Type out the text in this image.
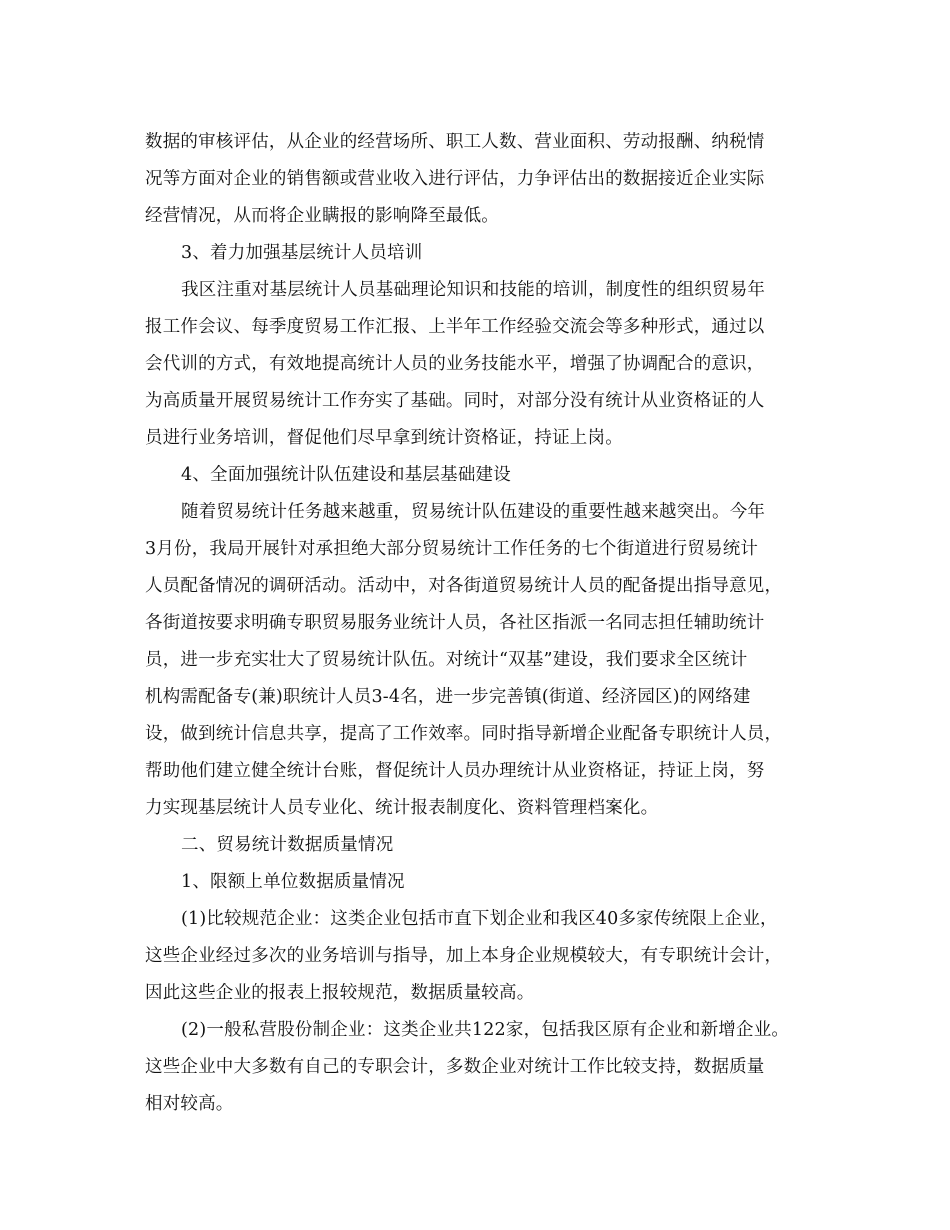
数据的审核评估，从企业的经营场所、职工人数、营业面积、劳动报酬、纳税情
况等方面对企业的销售额或营业收入进行评估，力争评估出的数据接近企业实际
经营情况，从而将企业瞒报的影响降至最低。
3、着力加强基层统计人员培训
我区注重对基层统计人员基础理论知识和技能的培训，制度性的组织贸易年
报工作会议、每季度贸易工作汇报、上半年工作经验交流会等多种形式，通过以
会代训的方式，有效地提高统计人员的业务技能水平，增强了协调配合的意识，
为高质量开展贸易统计工作夯实了基础。同时，对部分没有统计从业资格证的人
员进行业务培训，督促他们尽早拿到统计资格证，持证上岗。
4、全面加强统计队伍建设和基层基础建设
随着贸易统计任务越来越重，贸易统计队伍建设的重要性越来越突出。今年
3月份，我局开展针对承担绝大部分贸易统计工作任务的七个街道进行贸易统计
人员配备情况的调研活动。活动中，对各街道贸易统计人员的配备提出指导意见，
各街道按要求明确专职贸易服务业统计人员，各社区指派一名同志担任辅助统计
员，进一步充实壮大了贸易统计队伍。对统计“双基”建设，我们要求全区统计
机构需配备专(兼)职统计人员3-4名，进一步完善镇(街道、经济园区)的网络建
设，做到统计信息共享，提高了工作效率。同时指导新增企业配备专职统计人员，
帮助他们建立健全统计台账，督促统计人员办理统计从业资格证，持证上岗，努
力实现基层统计人员专业化、统计报表制度化、资料管理档案化。
二、贸易统计数据质量情况
1、限额上单位数据质量情况
(1)比较规范企业：这类企业包括市直下划企业和我区40多家传统限上企业，
这些企业经过多次的业务培训与指导，加上本身企业规模较大，有专职统计会计，
因此这些企业的报表上报较规范，数据质量较高。
(2)一般私营股份制企业：这类企业共122家，包括我区原有企业和新增企业。
这些企业中大多数有自己的专职会计，多数企业对统计工作比较支持，数据质量
相对较高。
